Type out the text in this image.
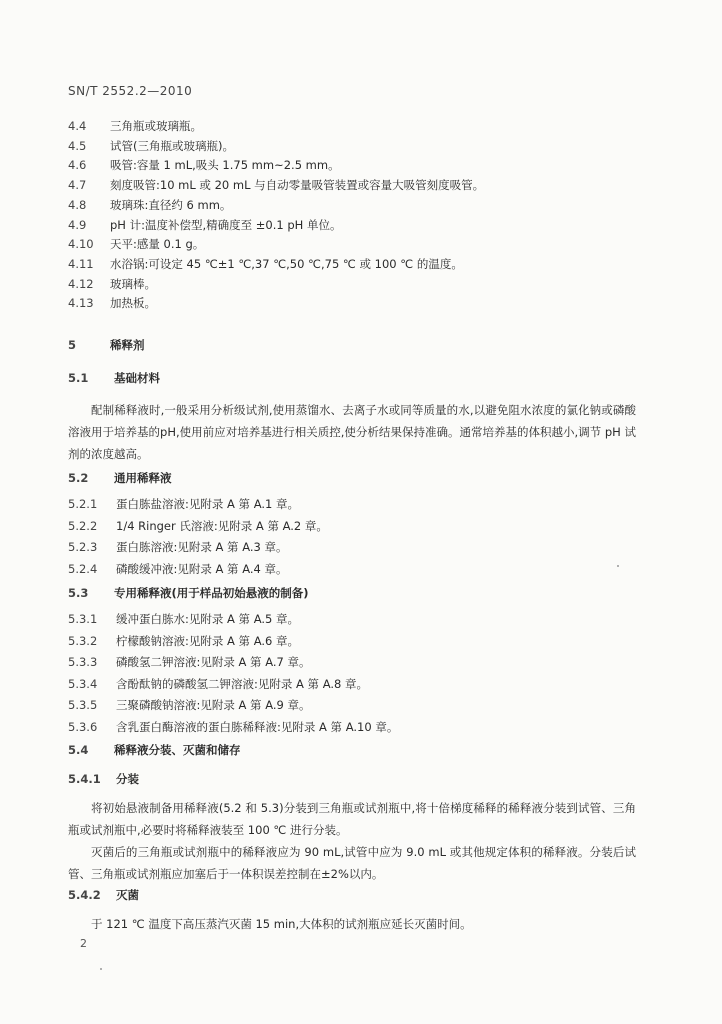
SN/T 2552.2—2010
4.4 三角瓶或玻璃瓶。
4.5 试管(三角瓶或玻璃瓶)。
4.6 吸管:容量 1 mL,吸头 1.75 mm~2.5 mm。
4.7 刻度吸管:10 mL 或 20 mL 与自动零量吸管装置或容量大吸管刻度吸管。
4.8 玻璃珠:直径约 6 mm。
4.9 pH 计:温度补偿型,精确度至 ±0.1 pH 单位。
4.10 天平:感量 0.1 g。
4.11 水浴锅:可设定 45 ℃±1 ℃,37 ℃,50 ℃,75 ℃ 或 100 ℃ 的温度。
4.12 玻璃棒。
4.13 加热板。
5	稀释剂
5.1 基础材料
配制稀释液时,一般采用分析级试剂,使用蒸馏水、去离子水或同等质量的水,以避免阻水浓度的氯化钠或磷酸溶液用于培养基的pH,使用前应对培养基进行相关质控,使分析结果保持准确。通常培养基的体积越小,调节 pH 试剂的浓度越高。
5.2 通用稀释液
5.2.1 蛋白胨盐溶液:见附录 A 第 A.1 章。
5.2.2 1/4 Ringer 氏溶液:见附录 A 第 A.2 章。
5.2.3 蛋白胨溶液:见附录 A 第 A.3 章。
5.2.4 磷酸缓冲液:见附录 A 第 A.4 章。
5.3 专用稀释液(用于样品初始悬液的制备)
5.3.1 缓冲蛋白胨水:见附录 A 第 A.5 章。
5.3.2 柠檬酸钠溶液:见附录 A 第 A.6 章。
5.3.3 磷酸氢二钾溶液:见附录 A 第 A.7 章。
5.3.4 含酚酞钠的磷酸氢二钾溶液:见附录 A 第 A.8 章。
5.3.5 三聚磷酸钠溶液:见附录 A 第 A.9 章。
5.3.6 含乳蛋白酶溶液的蛋白胨稀释液:见附录 A 第 A.10 章。
5.4 稀释液分装、灭菌和储存
5.4.1 分装
将初始悬液制备用稀释液(5.2 和 5.3)分装到三角瓶或试剂瓶中,将十倍梯度稀释的稀释液分装到试管、三角瓶或试剂瓶中,必要时将稀释液装至 100 ℃ 进行分装。
灭菌后的三角瓶或试剂瓶中的稀释液应为 90 mL,试管中应为 9.0 mL 或其他规定体积的稀释液。分装后试管、三角瓶或试剂瓶应加塞后于一体积误差控制在±2%以内。
5.4.2 灭菌
于 121 ℃ 温度下高压蒸汽灭菌 15 min,大体积的试剂瓶应延长灭菌时间。
2
